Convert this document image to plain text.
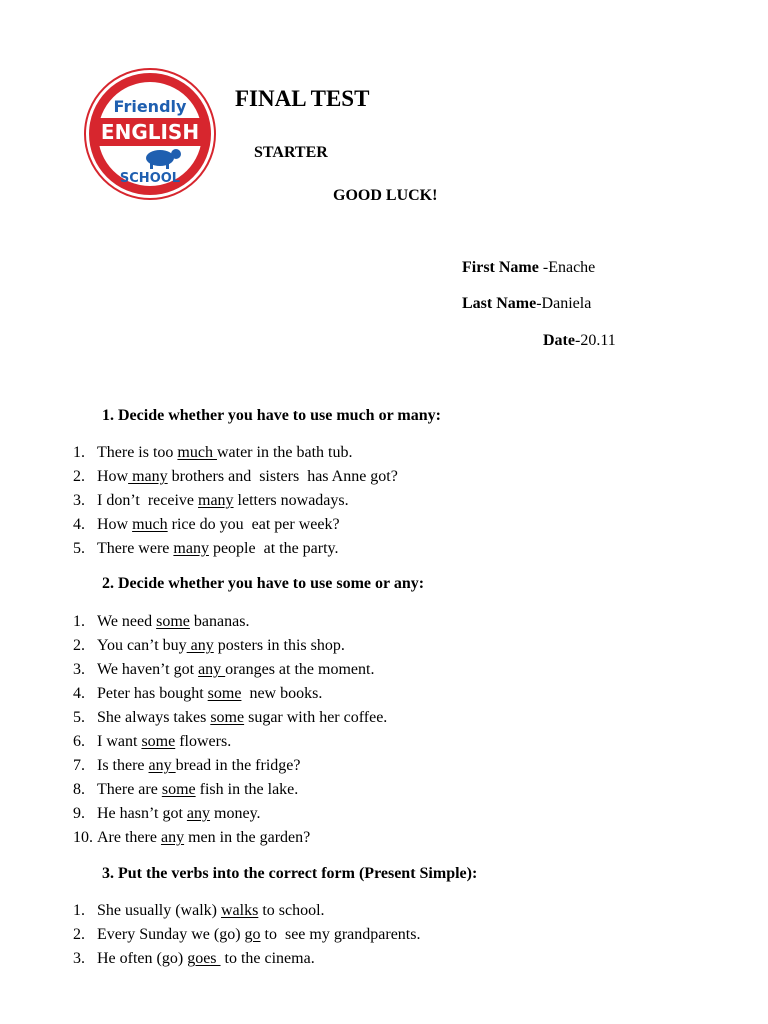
Friendly
ENGLISH
SCHOOL
FINAL TEST
STARTER
GOOD LUCK!
First Name -Enache
Last Name-Daniela
Date-20.11
1. Decide whether you have to use much or many:
1. There is too much water in the bath tub.
2. How many brothers and  sisters  has Anne got?
3. I don’t  receive many letters nowadays.
4. How much rice do you  eat per week?
5. There were many people  at the party.
2. Decide whether you have to use some or any:
1. We need some bananas.
2. You can’t buy any posters in this shop.
3. We haven’t got any oranges at the moment.
4. Peter has bought some  new books.
5. She always takes some sugar with her coffee.
6. I want some flowers.
7. Is there any bread in the fridge?
8. There are some fish in the lake.
9. He hasn’t got any money.
10. Are there any men in the garden?
3. Put the verbs into the correct form (Present Simple):
1. She usually (walk) walks to school.
2. Every Sunday we (go) go to  see my grandparents.
3. He often (go) goes  to the cinema.
